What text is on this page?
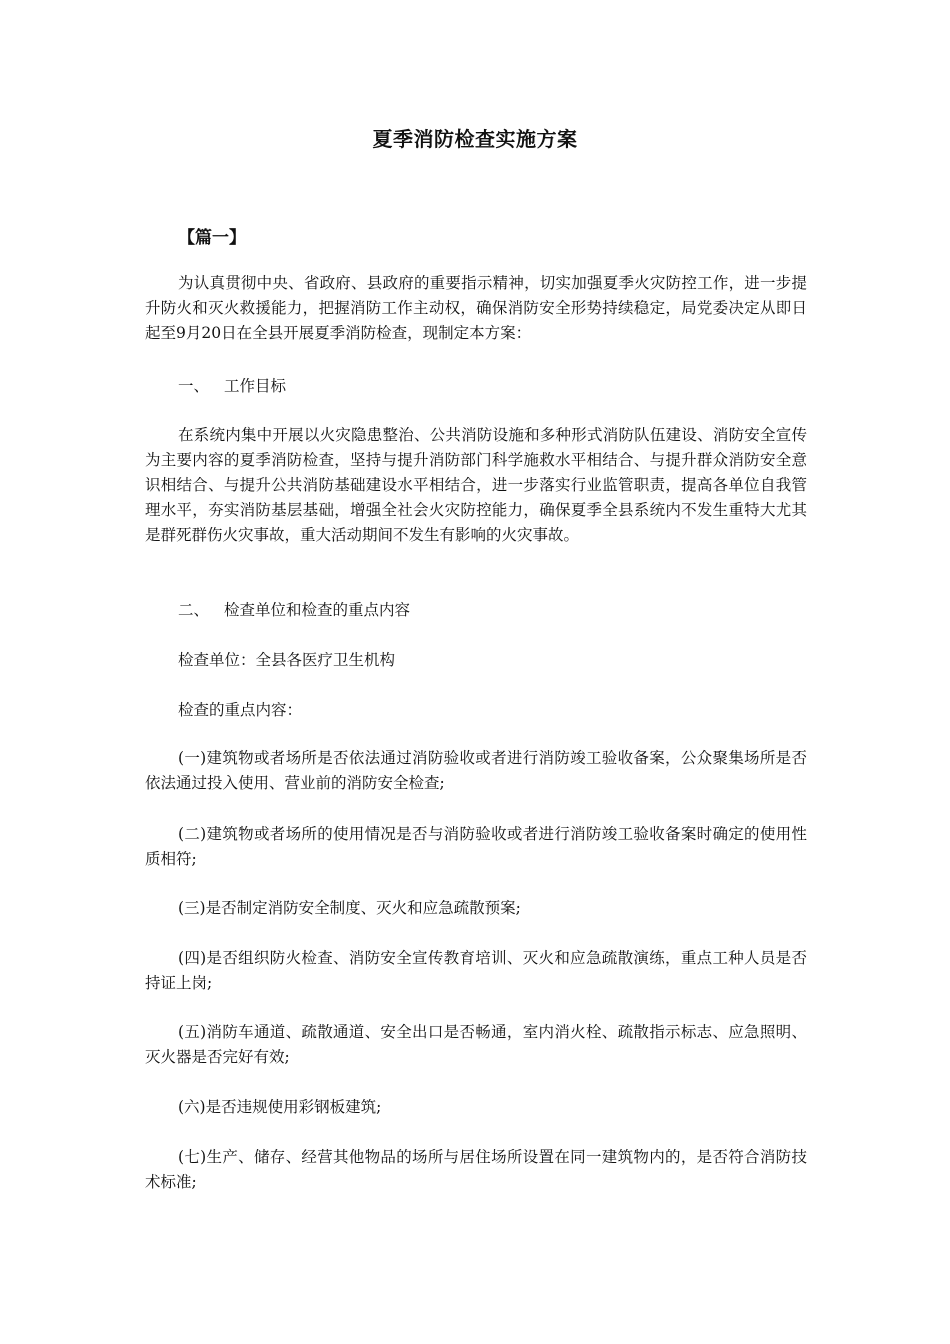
夏季消防检查实施方案
【篇一】
为认真贯彻中央、省政府、县政府的重要指示精神，切实加强夏季火灾防控工作，进一步提升防火和灭火救援能力，把握消防工作主动权，确保消防安全形势持续稳定，局党委决定从即日起至9月20日在全县开展夏季消防检查，现制定本方案：
一、 工作目标
在系统内集中开展以火灾隐患整治、公共消防设施和多种形式消防队伍建设、消防安全宣传为主要内容的夏季消防检查，坚持与提升消防部门科学施救水平相结合、与提升群众消防安全意识相结合、与提升公共消防基础建设水平相结合，进一步落实行业监管职责，提高各单位自我管理水平，夯实消防基层基础，增强全社会火灾防控能力，确保夏季全县系统内不发生重特大尤其是群死群伤火灾事故，重大活动期间不发生有影响的火灾事故。
二、 检查单位和检查的重点内容
检查单位：全县各医疗卫生机构
检查的重点内容：
(一)建筑物或者场所是否依法通过消防验收或者进行消防竣工验收备案，公众聚集场所是否依法通过投入使用、营业前的消防安全检查;
(二)建筑物或者场所的使用情况是否与消防验收或者进行消防竣工验收备案时确定的使用性质相符;
(三)是否制定消防安全制度、灭火和应急疏散预案;
(四)是否组织防火检查、消防安全宣传教育培训、灭火和应急疏散演练，重点工种人员是否持证上岗;
(五)消防车通道、疏散通道、安全出口是否畅通，室内消火栓、疏散指示标志、应急照明、灭火器是否完好有效;
(六)是否违规使用彩钢板建筑;
(七)生产、储存、经营其他物品的场所与居住场所设置在同一建筑物内的，是否符合消防技术标准;
